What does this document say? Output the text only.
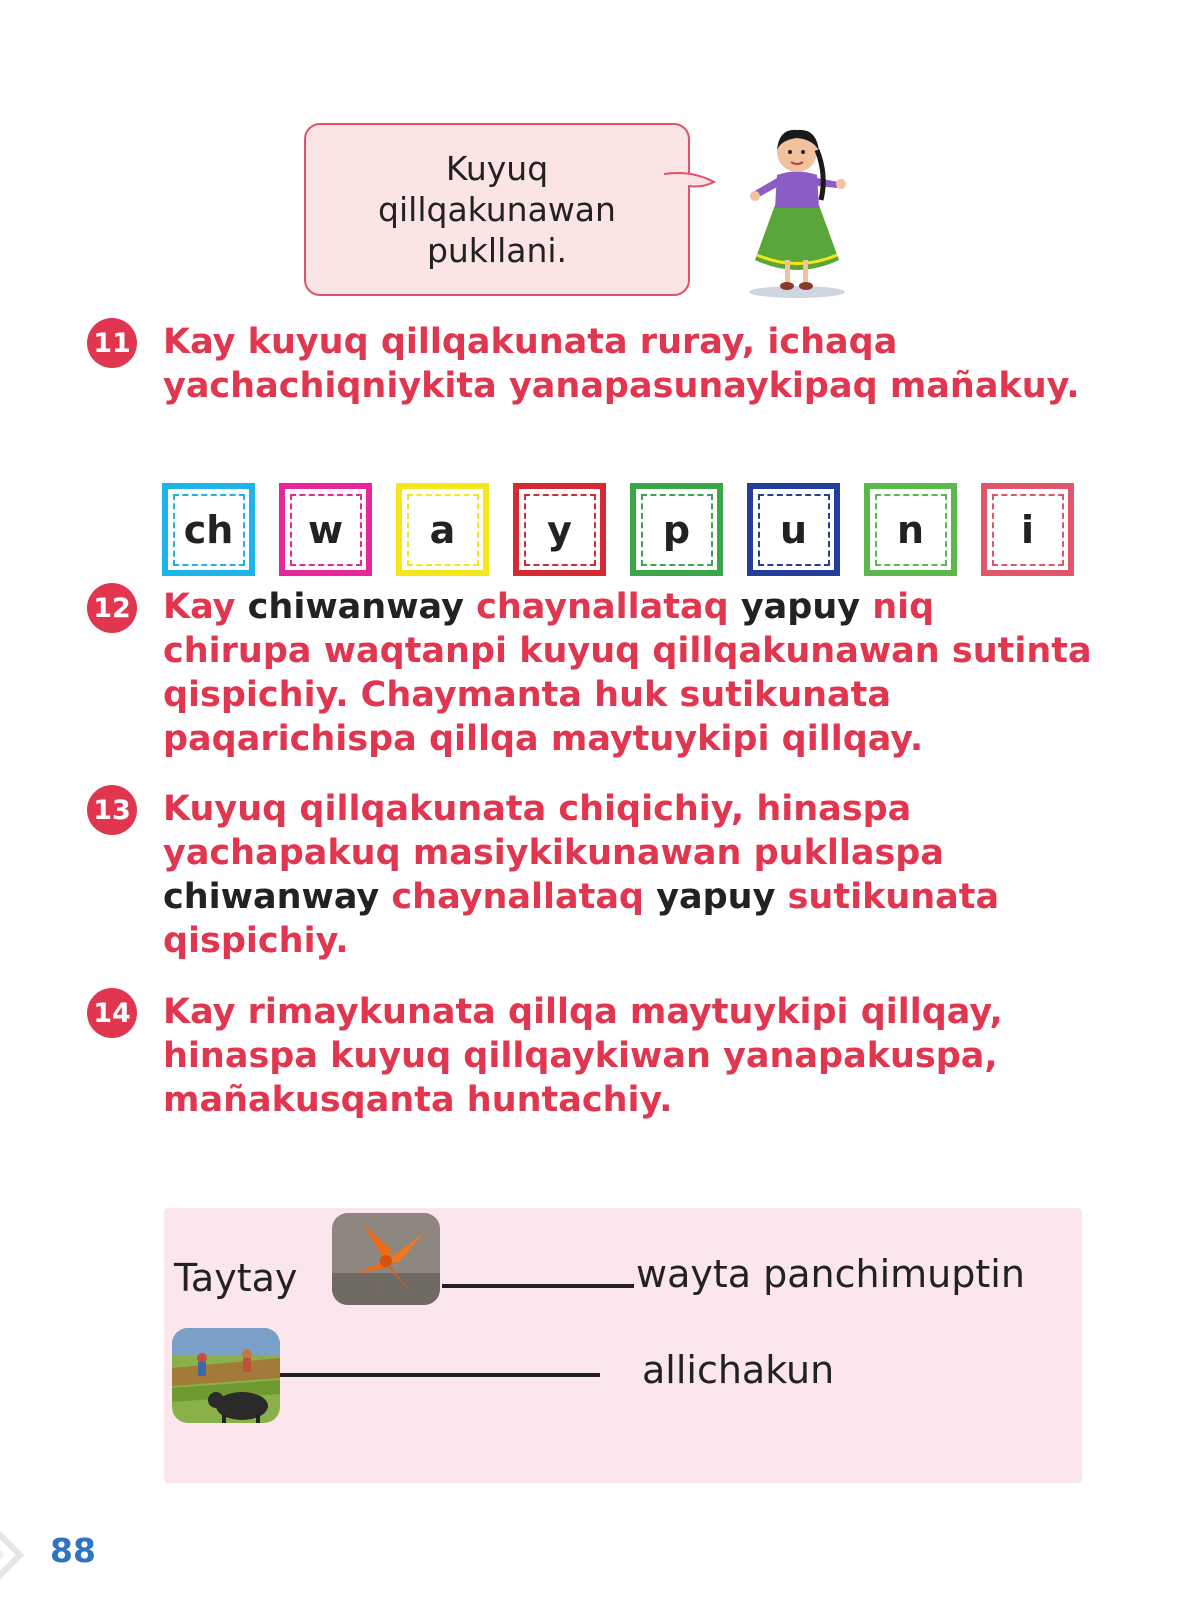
Kuyuq
qillqakunawan
pukllani.
11 Kay kuyuq qillqakunata ruray, ichaqa yachachiqniykita yanapasunaykipaq mañakuy.
ch	w	a	y	p	u	n	i
12 Kay chiwanway chaynallataq yapuy niq chirupa waqtanpi kuyuq qillqakunawan sutinta qispichiy. Chaymanta huk sutikunata paqarichispa qillqa maytuykipi qillqay.
13 Kuyuq qillqakunata chiqichiy, hinaspa yachapakuq masiykikunawan pukllaspa chiwanway chaynallataq yapuy sutikunata qispichiy.
14 Kay rimaykunata qillqa maytuykipi qillqay, hinaspa kuyuq qillqaykiwan yanapakuspa, mañakusqanta huntachiy.
Taytay	wayta panchimuptin
allichakun
88
